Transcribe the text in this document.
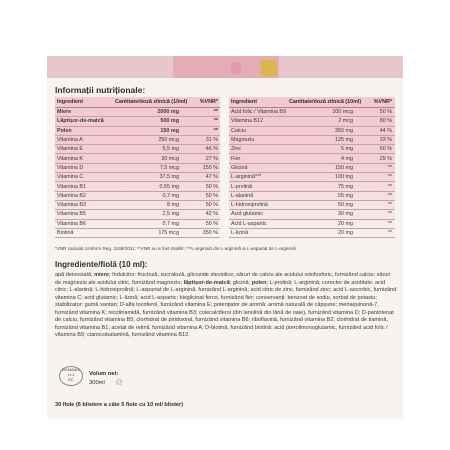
Informații nutriționale:
Ingredient	Cantitate/doză zilnică (10ml)	%VNR*
Miere	2000 mg	**
Lăptișor-de-matcă	500 mg	**
Polen	150 mg	**
Vitamina A	250 mcg	31 %
Vitamina E	5,5 mg	46 %
Vitamina K	20 mcg	27 %
Vitamina D	7,5 mcg	150 %
Vitamina C	37,5 mg	47 %
Vitamina B1	0,55 mg	50 %
Vitamina B2	0,7 mg	50 %
Vitamina B3	8 mg	50 %
Vitamina B5	2,5 mg	42 %
Vitamina B6	0,7 mg	50 %
Biotină	175 mcg	350 %
Ingredient	Cantitate/doză zilnică (10ml)	%VNR*
Acid folic / Vitamina B9	100 mcg	50 %
Vitamina B12	2 mcg	80 %
Calciu	350 mg	44 %
Magneziu	125 mg	33 %
Zinc	5 mg	50 %
Fier	4 mg	29 %
Glicină	150 mg	**
L-arginină***	100 mg	**
L-prolină	75 mg	**
L-alanină	55 mg	**
L-hidroxiprolină	50 mg	**
Acid glutamic	30 mg	**
Acid L-aspartic	20 mg	**
L-lizină	20 mg	**
*VNR calculat conform Reg. 1169/2011; **VNR nu a fost stabilit; ***L-arginină din L-arginină și L-aspartat de L-arginină
Ingrediente/fiolă (10 ml):
apă deionizată; miere; îndulcitor: fructoză, sucraloză, glicozide steviolice; săruri de calciu ale acidului ortofosforic, furnizând calciu; săruri de magneziu ale acidului citric, furnizând magneziu; lăptișor-de-matcă; glicină; polen; L-prolină; L-arginină; corector de aciditate: acid citric; L-alanină; L-hidroxiprolină; L-aspartat de L-arginină, furnizând L-arginină; acid citric de zinc, furnizând zinc; acid L-ascorbic, furnizând vitamina C; acid glutamic; L-lizină; acid L-aspartic; bisglicinat feros, furnizând fier; conservanți: benzoat de sodiu, sorbat de potasiu; stabilizator: gumă xantan; D-alfa tocoferol, furnizând vitamina E; potențiator de aromă: aromă naturală de căpșune; menaquinonă-7, furnizând vitamina K; nicotinamidă, furnizând vitamina B3; colecalciferol (din lanolină din lână de oaie), furnizând vitamina D; D-pantotenat de calciu, furnizând vitamina B5; clorhidrat de piridoxină, furnizând vitamina B6; riboflavină, furnizând vitamina B2; clorhidrat de tiamină, furnizând vitamina B1; acetat de retinil, furnizând vitamina A; D-biotină, furnizând biotină; acid pteroilmonoglutamic, furnizând acid folic / vitamina B9; cianocobalamină, furnizând vitamina B12.
ROMANIA
H-1
EC
Volum net:
300ml ♲
30 fiole (6 blistere a câte 5 fiole cu 10 ml/ blister)
